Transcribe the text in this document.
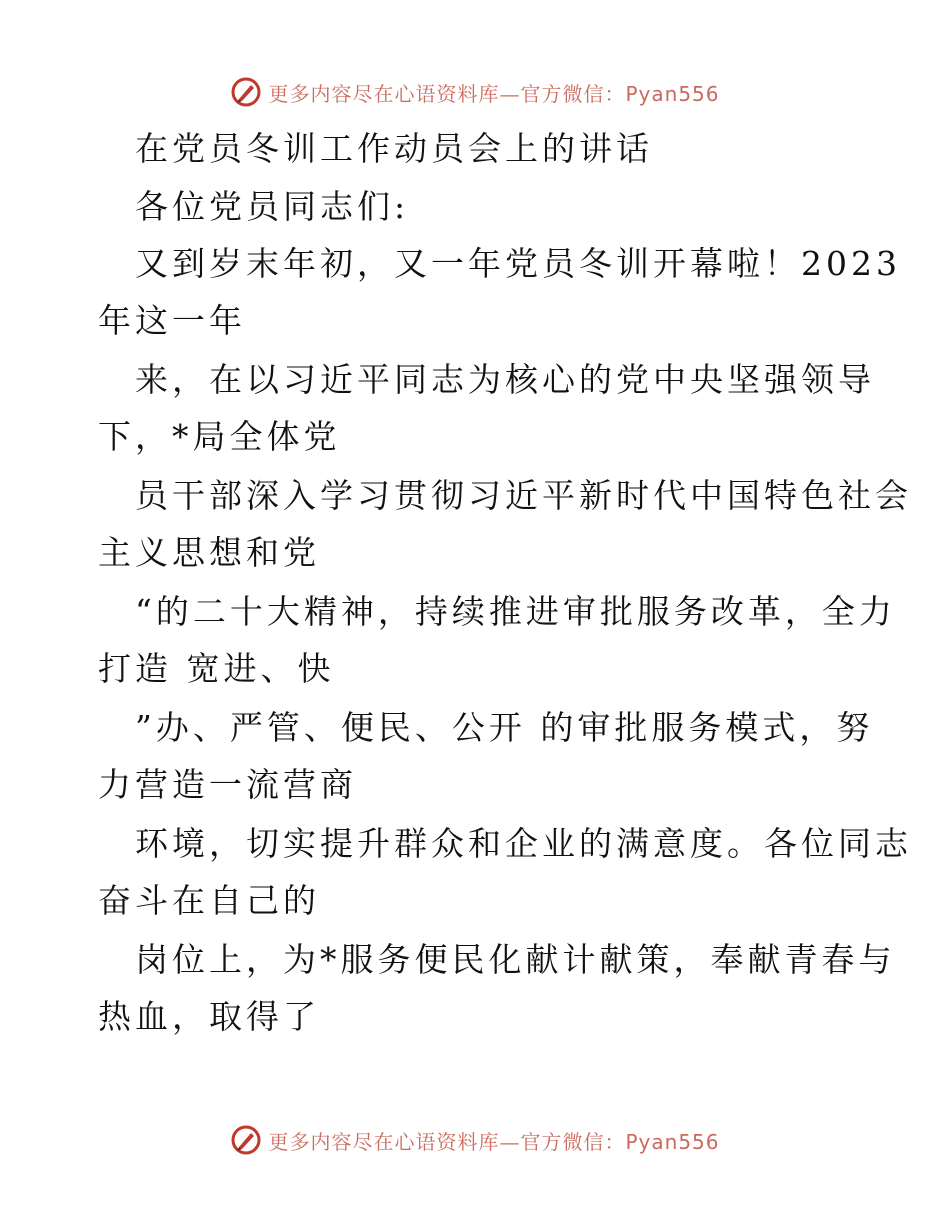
更多内容尽在心语资料库—官方微信：Pyan556
在党员冬训工作动员会上的讲话
各位党员同志们:
又到岁末年初，又一年党员冬训开幕啦！2023
年这一年
来，在以习近平同志为核心的党中央坚强领导
下，*局全体党
员干部深入学习贯彻习近平新时代中国特色社会
主义思想和党
“的二十大精神，持续推进审批服务改革，全力
打造 宽进、快
”办、严管、便民、公开 的审批服务模式，努
力营造一流营商
环境，切实提升群众和企业的满意度。各位同志
奋斗在自己的
岗位上，为*服务便民化献计献策，奉献青春与
热血，取得了
更多内容尽在心语资料库—官方微信：Pyan556
